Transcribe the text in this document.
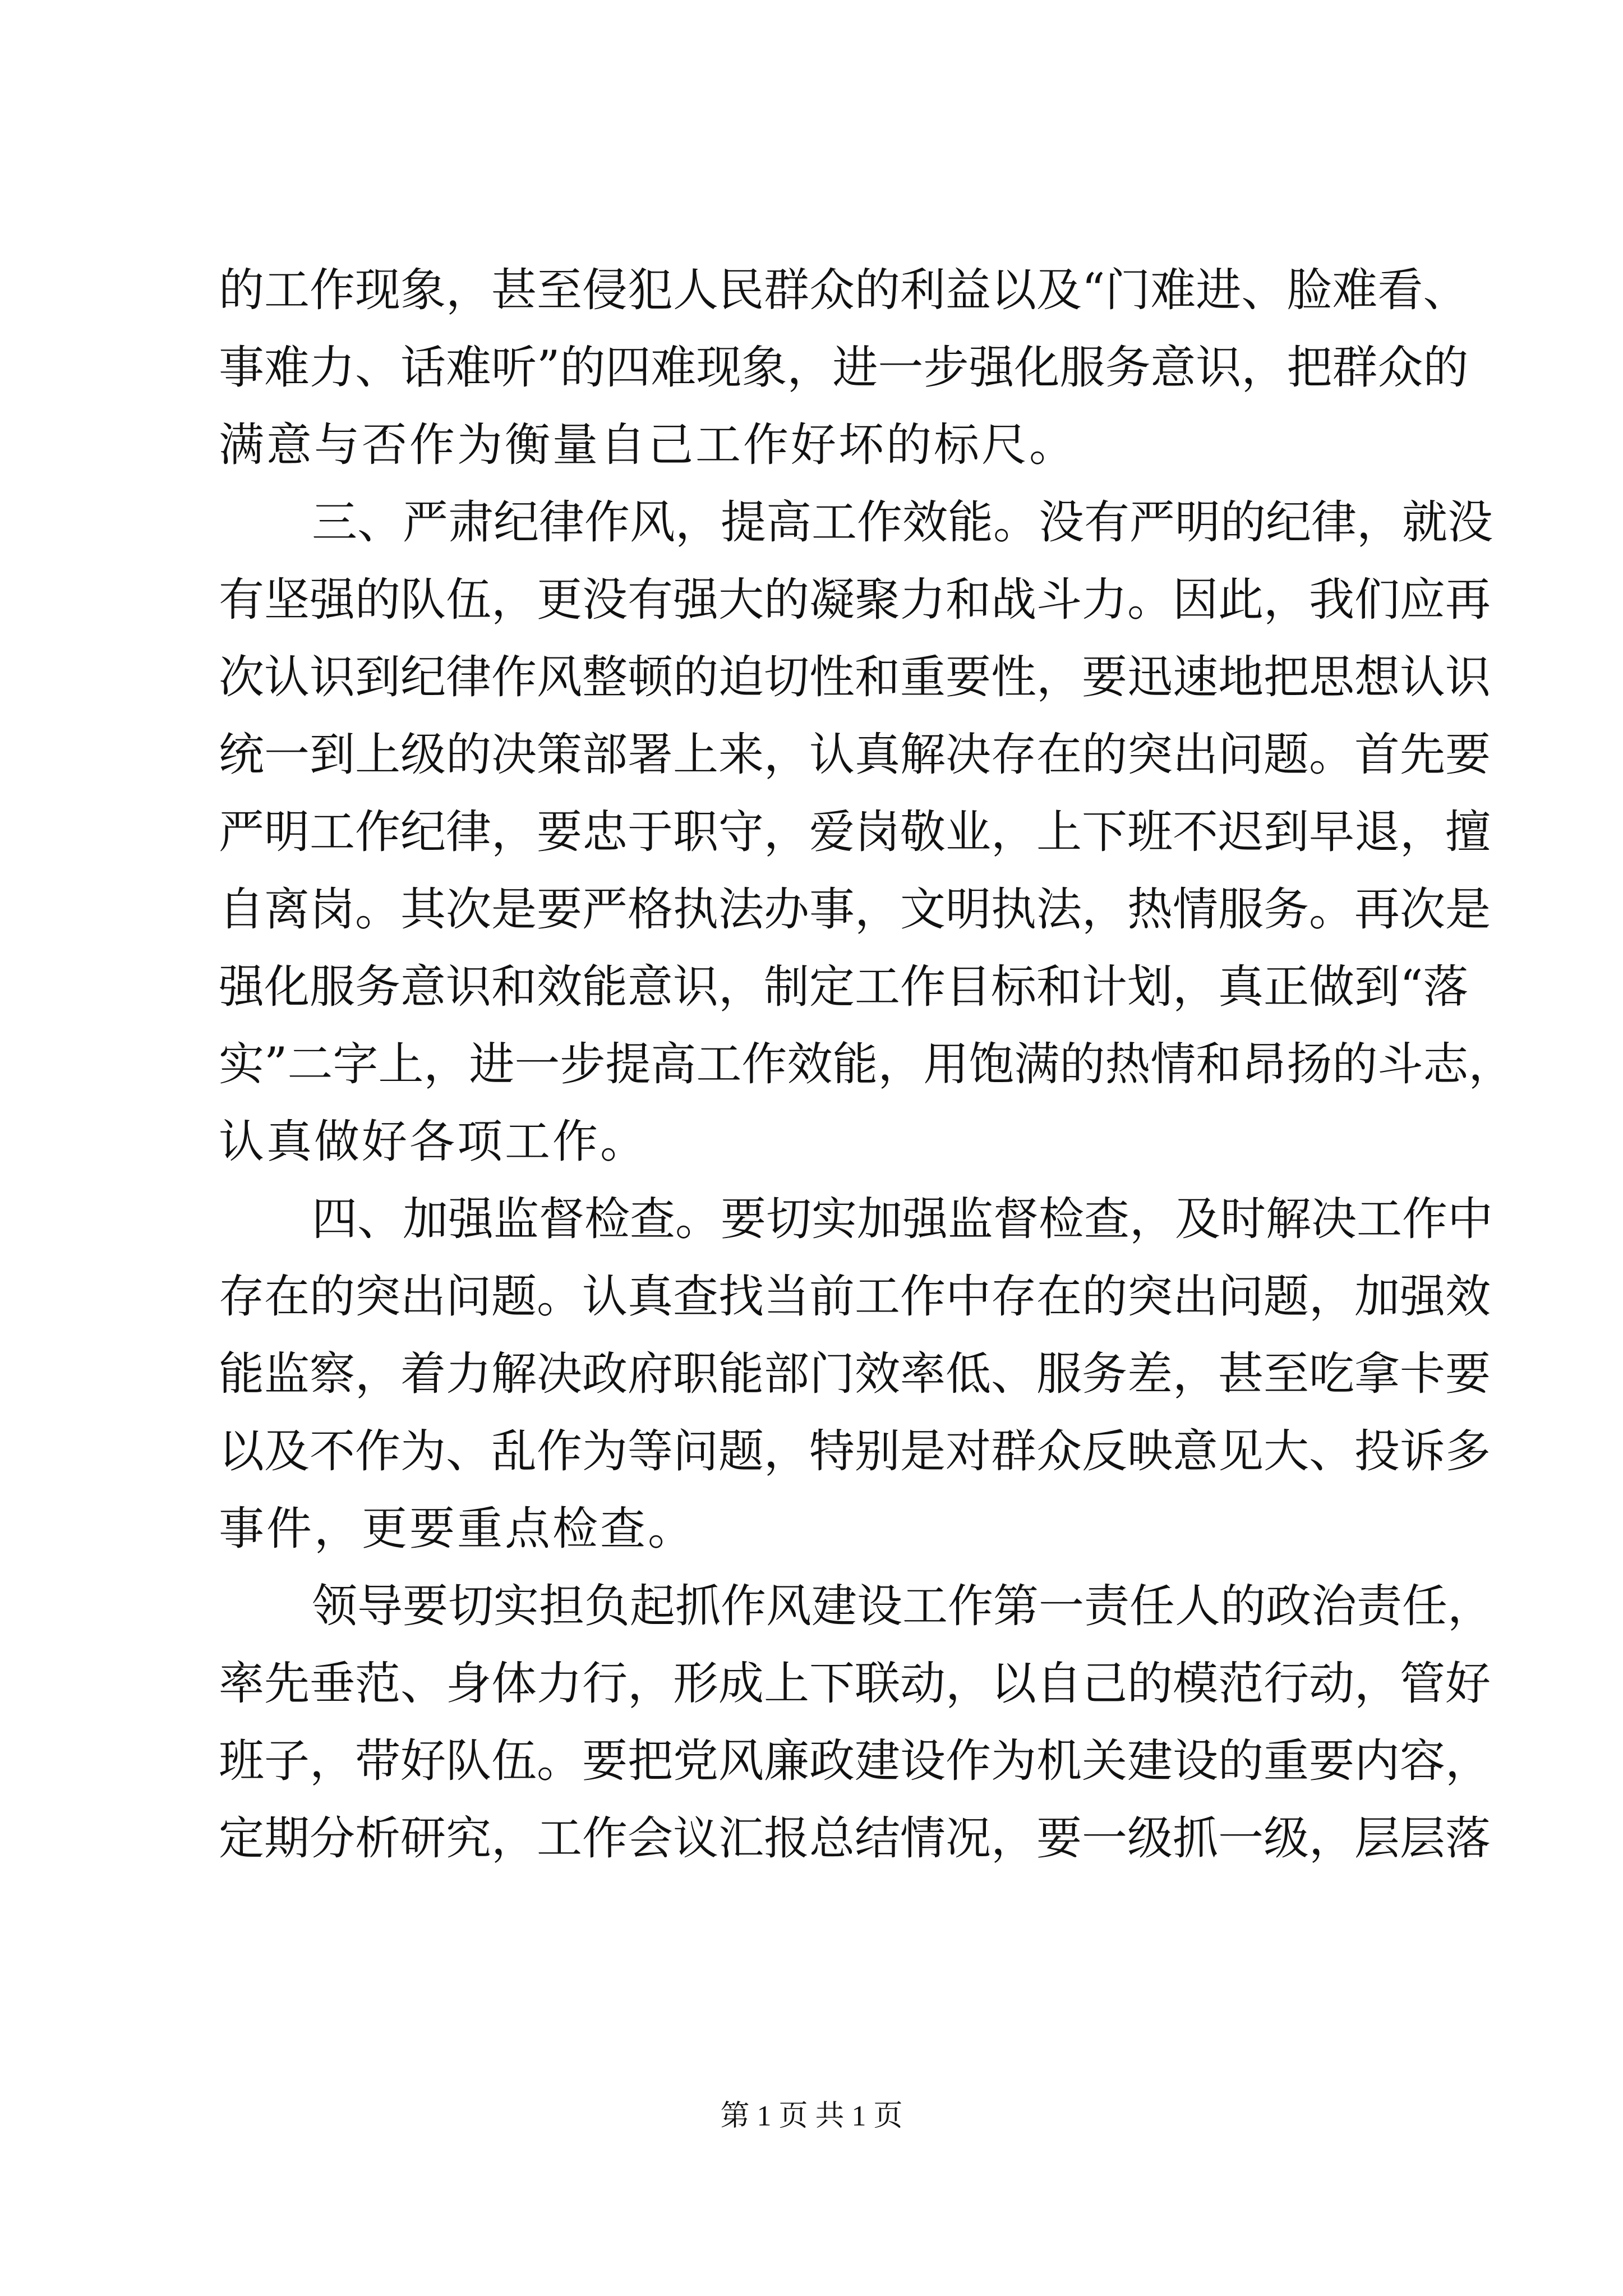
的工作现象，甚至侵犯人民群众的利益以及“门难进、脸难看、
事难力、话难听”的四难现象，进一步强化服务意识，把群众的
满意与否作为衡量自己工作好坏的标尺。
三、严肃纪律作风，提高工作效能。没有严明的纪律，就没
有坚强的队伍，更没有强大的凝聚力和战斗力。因此，我们应再
次认识到纪律作风整顿的迫切性和重要性，要迅速地把思想认识
统一到上级的决策部署上来，认真解决存在的突出问题。首先要
严明工作纪律，要忠于职守，爱岗敬业，上下班不迟到早退，擅
自离岗。其次是要严格执法办事，文明执法，热情服务。再次是
强化服务意识和效能意识，制定工作目标和计划，真正做到“落
实”二字上，进一步提高工作效能，用饱满的热情和昂扬的斗志，
认真做好各项工作。
四、加强监督检查。要切实加强监督检查，及时解决工作中
存在的突出问题。认真查找当前工作中存在的突出问题，加强效
能监察，着力解决政府职能部门效率低、服务差，甚至吃拿卡要
以及不作为、乱作为等问题，特别是对群众反映意见大、投诉多
事件，更要重点检查。
领导要切实担负起抓作风建设工作第一责任人的政治责任，
率先垂范、身体力行，形成上下联动，以自己的模范行动，管好
班子，带好队伍。要把党风廉政建设作为机关建设的重要内容，
定期分析研究，工作会议汇报总结情况，要一级抓一级，层层落
第 1 页 共 1 页
